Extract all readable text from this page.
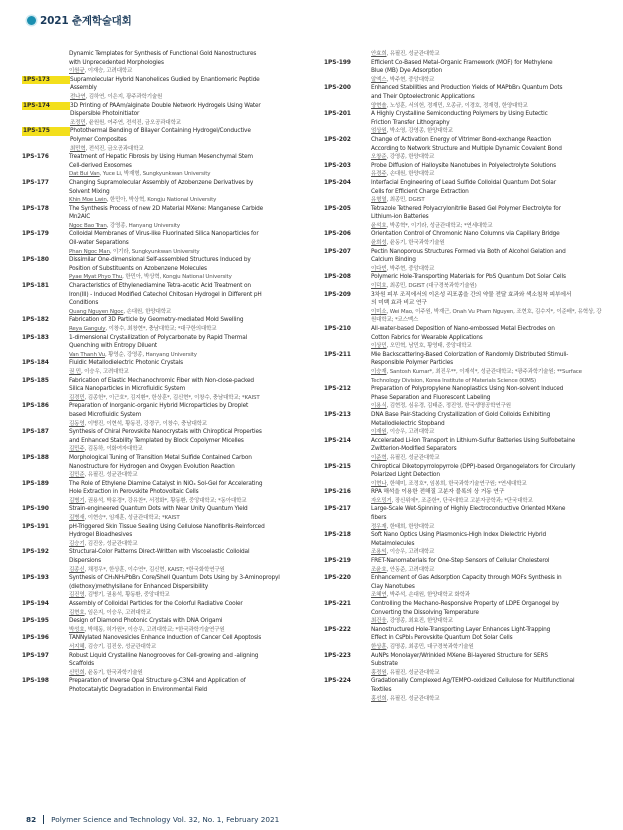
2021 춘계학술대회
Dynamic Templates for Synthesis of Functional Gold Nanostructures
with Unprecedented Morphologies
이원규, 이재승, 고려대학교
1PS-173	Supramolecular Hybrid Nanohelices Gudied by Enantiomeric Peptide
Assembly
전나연, 김하연, 이은지, 광주과학기술원
1PS-174	3D Printing of PAAm/alginate Double Network Hydrogels Using Water
Dispersible Photoinitiator
조정민, 윤원원, 여주연, 전석진, 금오공과대학교
1PS-175	Photothermal Bending of Bilayer Containing Hydrogel/Conductive
Polymer Composites
최민혁, 전석진, 금오공과대학교
1PS-176	Treatment of Hepatic Fibrosis by Using Human Mesenchymal Stem
Cell-derived Exosomes
Dat Bui Van, Yuce Li, 박재형, Sungkyunkwan University
1PS-177	Changing Supramolecular Assembly of Azobenzene Derivatives by
Solvent Mixing
Khin Moe Lwin, 한민아, 박상혁, Kongju National University
1PS-178	The Synthesis Process of new 2D Material MXene: Manganese Carbide
Mn2AIC
Ngoc Bao Tran, 강영종, Hanyang University
1PS-179	Colloidal Membranes of Virus-like Fluorinated Silica Nanoparticles for
Oil-water Separations
Phan Ngoc Man, 이기라, Sungkyunkwan University
1PS-180	Dissimilar One-dimensional Self-assembled Structures Induced by
Position of Substituents on Azobenzene Molecules
Pyae Myat Phyo Thu, 한민아, 박상혁, Kongju National University
1PS-181	Characteristics of Ethylenediamine Tetra-acetic Acid Treatment on
Iron(III) - Induced Modified Catechol Chitosan Hydrogel in Different pH
Conditions
Quang Nguyen Ngoc, 손대원, 한양대학교
1PS-182	Fabrication of 3D Particle by Geometry-mediated Mold Swelling
Reya Ganguly, 이창수, 최창현*, 충남대학교; *대구한의대학교
1PS-183	1-dimensional Crystallization of Polycarbonate by Rapid Thermal
Quenching with Entropy Diluent
Van Thanh Vu, 황영순, 강영종, Hanyang University
1PS-184	Fluidic Metallodielectric Photonic Crystals
권 민, 이승우, 고려대학교
1PS-185	Fabrication of Elastic Mechanochromic Fiber with Non-close-packed
Silica Nanoparticles in Microfluidic System
김경민, 김종헌*, 이근호*, 김지환*, 한상훈*, 김신현*, 이창수, 충남대학교; *KAIST
1PS-186	Preparation of Inorganic-organic Hybrid Microparticles by Droplet
based Microfluidic System
김동영, 이병진, 이현석, 황동진, 강경구, 이창수, 충남대학교
1PS-187	Synthesis of Chiral Perovskite Nanocrystals with Chiroptical Properties
and Enhanced Stability Templated by Block Copolymer Micelles
김민주, 김동하, 이화여자대학교
1PS-188	Morphological Tuning of Transition Metal Sulfide Contained Carbon
Nanostructure for Hydrogen and Oxygen Evolution Reaction
김민준, 유필진, 성균관대학교
1PS-189	The Role of Ethylene Diamine Catalyst in NiOₓ Sol-Gel for Accelerating
Hole Extraction in Perovskite Photovoltaic Cells
김병기, 권용석, 박유경*, 강유찬*, 서정화*, 황동환, 중앙대학교; *동아대학교
1PS-190	Strain-engineered Quantum Dots with Near Unity Quantum Yield
김병새, 이현승*, 임재훈, 성균관대학교; *KAIST
1PS-191	pH-Triggered Skin Tissue Sealing Using Cellulose Nanofibrils-Reinforced
Hydrogel Bioadhesives
김승기, 김진웅, 성균관대학교
1PS-192	Structural-Color Patterns Direct-Written with Viscoelastic Colloidal
Dispersions
김종신, 채정우*, 한상훈, 이수연*, 김신현, KAIST; *한국화학연구원
1PS-193	Synthesis of CH₃NH₃PbBr₃ Core/Shell Quantum Dots Using by 3-Aminopropyl
(diethoxy)methylsilane for Enhanced Dispersibility
김진영, 김병기, 권용석, 황동환, 중앙대학교
1PS-194	Assembly of Colloidal Particles for the Colorful Radiative Cooler
김현호, 임은지, 이승우, 고려대학교
1PS-195	Design of Diamond Photonic Crystals with DNA Origami
박성호, 박해동, 허가원*, 이승우, 고려대학교; *한국과학기술연구원
1PS-196	TANNylated Nanovesicles Enhance Induction of Cancer Cell Apoptosis
서지혜, 김승기, 김진웅, 성균관대학교
1PS-197	Robust Liquid Crystalline Nanogrooves for Cell-growing and -aligning
Scaffolds
신민희, 윤동기, 한국과학기술원
1PS-198	Preparation of Inverse Opal Structure g-C3N4 and Application of
Photocatalytic Degradation in Environmental Field
안효희, 유필진, 성균관대학교
1PS-199	Efficient Co-Based Metal-Organic Framework (MOF) for Methylene
Blue (MB) Dye Adsorption
알엑스, 박주현, 중앙대학교
1PS-200	Enhanced Stabilities and Production Yields of MAPbBr₃ Quantum Dots
and Their Optoelectronic Applications
양현솔, 노성훈, 서의헌, 정재민, 오종규, 이경호, 정재령, 한양대학교
1PS-201	A Highly Crystalline Semiconducting Polymers by Using Eutectic
Friction Transfer Lithography
엄상원, 박소영, 강영종, 한양대학교
1PS-202	Change of Activation Energy of Vitrimer Bond-exchange Reaction
According to Network Structure and Multiple Dynamic Covalent Bond
오창준, 강영종, 한양대학교
1PS-203	Probe Diffusion of Halloysite Nanotubes in Polyelectrolyte Solutions
유경주, 손대원, 한양대학교
1PS-204	Interfacial Engineering of Lead Sulfide Colloidal Quantum Dot Solar
Cells for Efficient Charge Extraction
유형열, 최종민, DGIST
1PS-205	Tetrazole Tethered Polyacrylonitrile Based Gel Polymer Electrolyte for
Lithium-ion Batteries
윤석호, 박종혁*, 이기라, 성균관대학교; *연세대학교
1PS-206	Orientation Control of Chromonic Nano Columns via Capillary Bridge
윤희성, 윤동기, 한국과학기술원
1PS-207	Pectin Nanoporous Structures Formed via Both of Alcohol Gelation and
Calcium Binding
이다빈, 박주현, 중앙대학교
1PS-208	Polymeric Hole-Transporting Materials for PbS Quantum Dot Solar Cells
이덕호, 최종민, DGIST (대구경북과학기술원)
1PS-209	3차원 피부 조직에서의 이온성 리포좀을 간의 약물 전달 효과와 색소침착 피부에서
의 미백 효과 비교 연구
이미소, Wei Mao, 이주원, 박재근, Onah Vu Pham Nguyen, 조현호, 김수지*, 이준배*, 유혁상, 강원대학교; *코스맥스
1PS-210	All-water-based Deposition of Nano-embossed Metal Electrodes on
Cotton Fabrics for Wearable Applications
이상민, 오민혁, 남민호, 황영태, 중앙대학교
1PS-211	Mie Backscattering-Based Colorization of Randomly Distributed Stimuli-
Responsible Polymer Particles
이승재, Santosh Kumar*, 최진우**, 이재석*, 성균관대학교; *광주과학기술원; **Surface Technology Division, Korea Institute of Materials Science (KIMS)
1PS-212	Preparation of Polypropylene Nanoplastics Using Non-solvent Induced
Phase Separation and Fluorescent Labeling
이용식, 김현정, 심유경, 김태준, 정진영, 한국생명공학연구원
1PS-213	DNA Base Pair-Stacking Crystallization of Gold Colloids Exhibiting
Metallodielectric Stopband
이재원, 이승우, 고려대학교
1PS-214	Accelerated Li-Ion Transport in Lithium-Sulfur Batteries Using Sulfobetaine
Zwitterion-Modified Separators
이준혁, 유필진, 성균관대학교
1PS-215	Chiroptical Diketopyrrolopyrrole (DPP)-based Organogelators for Circularly
Polarized Light Detection
이현나, 한혜미, 조정호*, 임봉희, 한국과학기술연구원; *연세대학교
1PS-216	RPA 해석을 이용한 전해질 고분자 블록의 상 거동 연구
자오밍거, 장신위에*, 조준한*, 단국대학교 고분자공학과; *단국대학교
1PS-217	Large-Scale Wet-Spinning of Highly Electroconductive Oriented MXene
fibers
정우재, 한태희, 한양대학교
1PS-218	Soft Nano Optics Using Plasmonics-High Index Dielectric Hybrid
Metalmolecules
조용익, 이승우, 고려대학교
1PS-219	FRET-Nanomaterials for One-Step Sensors of Cellular Cholesterol
조윤호, 안동준, 고려대학교
1PS-220	Enhancement of Gas Adsorption Capacity through MOFs Synthesis in
Clay Nanotubes
조혜연, 박주석, 손대원, 한양대학교 화학과
1PS-221	Controlling the Mechano-Responsive Property of LDPE Organogel by
Converting the Dissolving Temperature
최건웅, 강영종, 최효진, 한양대학교
1PS-222	Nanostructured Hole-Transporting Layer Enhances Light-Trapping
Effect in CsPbI₃ Perovskite Quantum Dot Solar Cells
한상훈, 김명종, 최종민, 대구경북과학기술원
1PS-223	AuNPs Monolayer/Wrinkled MXene Bi-layered Structure for SERS
Substrate
홍정원, 유필진, 성균관대학교
1PS-224	Gradationally Complexed Ag/TEMPO-oxidized Cellulose for Multifunctional
Textiles
홍선희, 유필진, 성균관대학교
82 Polymer Science and Technology Vol. 32, No. 1, February 2021
